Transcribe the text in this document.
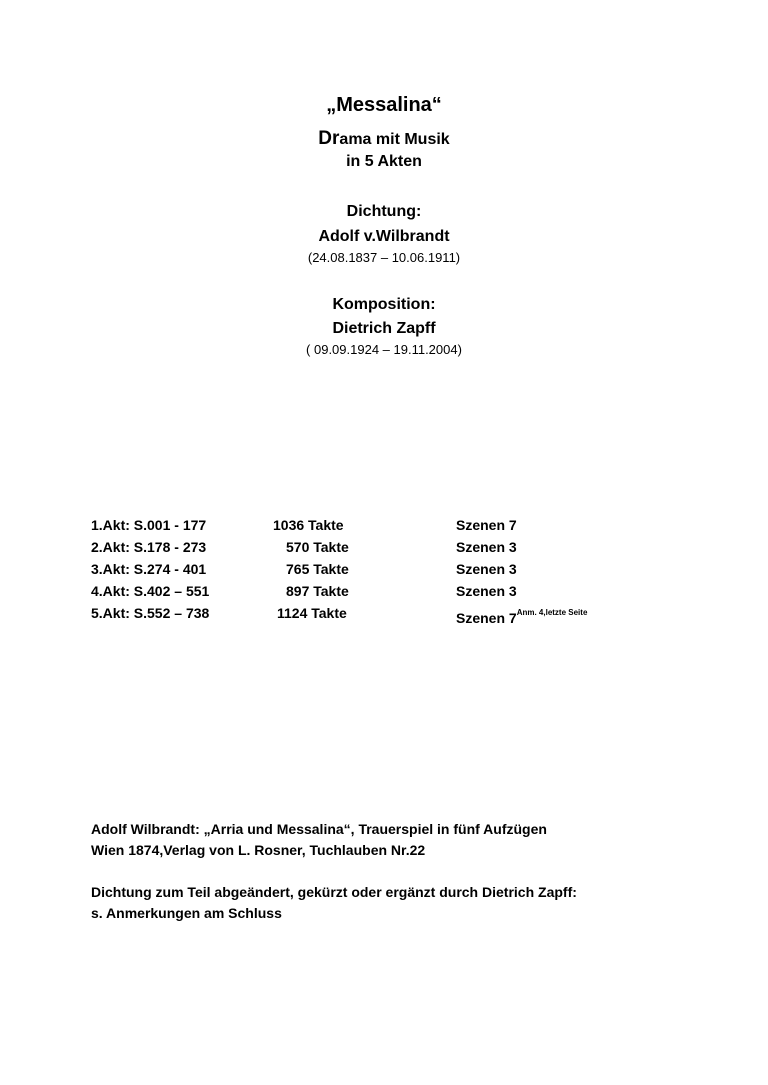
„Messalina“
Drama mit Musik
in 5 Akten
Dichtung:
Adolf v.Wilbrandt
(24.08.1837 – 10.06.1911)
Komposition:
Dietrich Zapff
( 09.09.1924 – 19.11.2004)
1.Akt: S.001 - 177	1036 Takte	Szenen 7
2.Akt: S.178 - 273	570 Takte	Szenen 3
3.Akt: S.274 - 401	765 Takte	Szenen 3
4.Akt: S.402 – 551	897 Takte	Szenen 3
5.Akt: S.552 – 738	1124 Takte	Szenen $7^{Anm. 4,letzte Seite}$
Adolf Wilbrandt: „Arria und Messalina“, Trauerspiel in fünf Aufzügen
Wien 1874,Verlag von L. Rosner, Tuchlauben Nr.22
Dichtung zum Teil abgeändert, gekürzt oder ergänzt durch Dietrich Zapff:
s. Anmerkungen am Schluss
